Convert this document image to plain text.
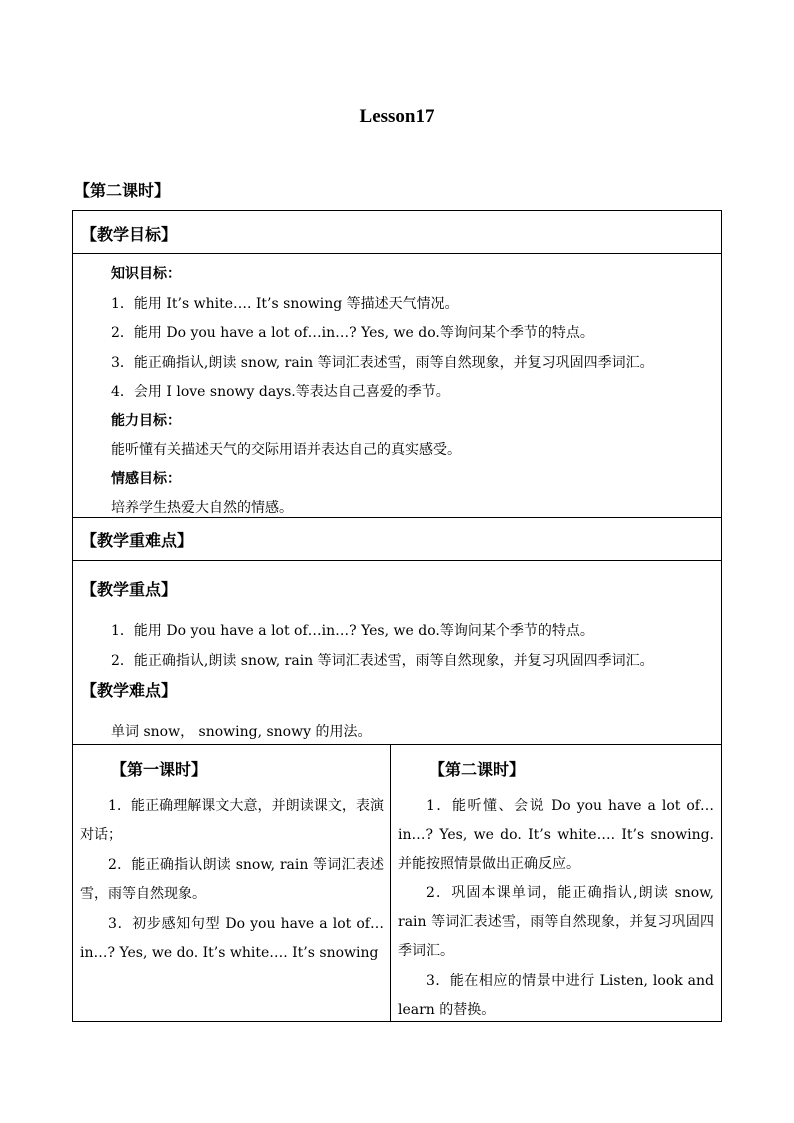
Lesson17
【第二课时】
【教学目标】
知识目标：
1．能用 It’s white…. It’s snowing 等描述天气情况。
2．能用 Do you have a lot of…in…? Yes, we do.等询问某个季节的特点。
3．能正确指认,朗读 snow, rain 等词汇表述雪，雨等自然现象，并复习巩固四季词汇。
4．会用 I love snowy days.等表达自己喜爱的季节。
能力目标：
能听懂有关描述天气的交际用语并表达自己的真实感受。
情感目标：
培养学生热爱大自然的情感。
【教学重难点】
【教学重点】
1．能用 Do you have a lot of…in…? Yes, we do.等询问某个季节的特点。
2．能正确指认,朗读 snow, rain 等词汇表述雪，雨等自然现象，并复习巩固四季词汇。
【教学难点】
单词 snow， snowing, snowy 的用法。
【第一课时】
1．能正确理解课文大意，并朗读课文，表演对话；
2．能正确指认朗读 snow, rain 等词汇表述雪，雨等自然现象。
3．初步感知句型 Do you have a lot of…in…? Yes, we do. It’s white…. It’s snowing
【第二课时】
1．能听懂、会说 Do you have a lot of…in…? Yes, we do. It’s white…. It’s snowing.并能按照情景做出正确反应。
2．巩固本课单词，能正确指认,朗读 snow, rain 等词汇表述雪，雨等自然现象，并复习巩固四季词汇。
3．能在相应的情景中进行 Listen, look and learn 的替换。
